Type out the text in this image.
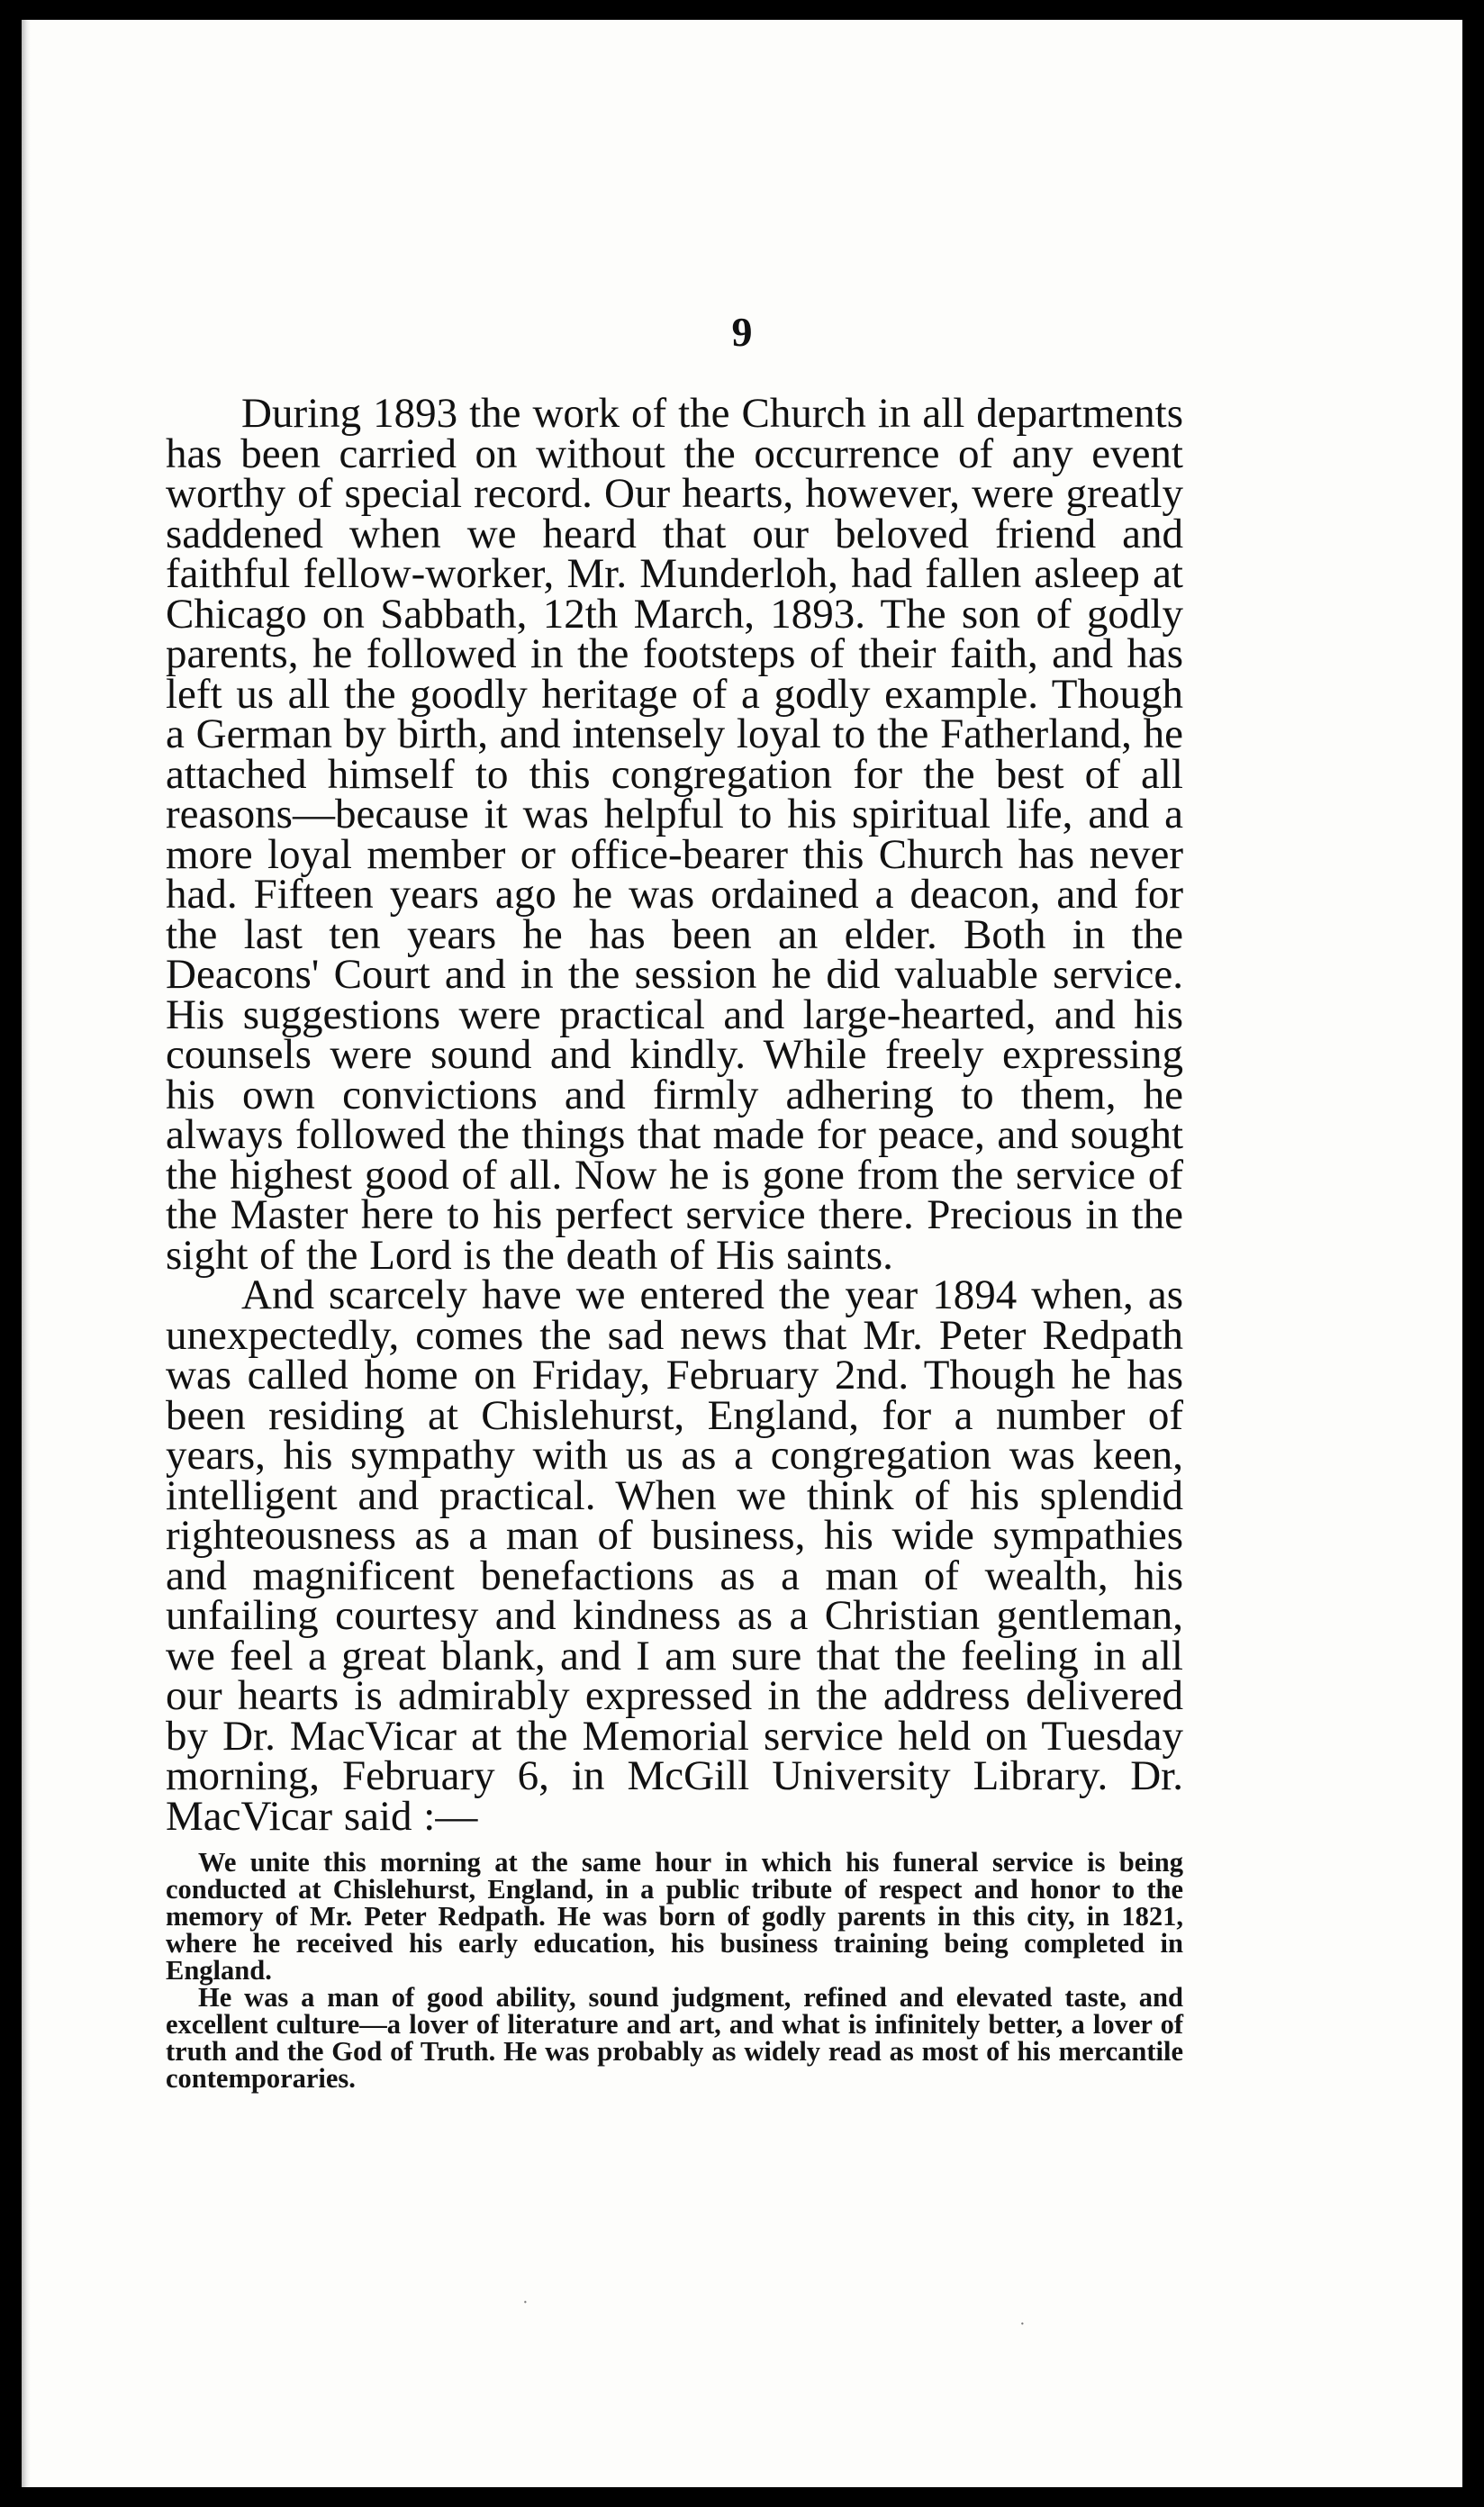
9

During 1893 the work of the Church in all departments has been carried on without the occurrence of any event worthy of special record. Our hearts, however, were greatly saddened when we heard that our beloved friend and faithful fellow-worker, Mr. Munderloh, had fallen asleep at Chicago on Sabbath, 12th March, 1893. The son of godly parents, he followed in the footsteps of their faith, and has left us all the goodly heritage of a godly example. Though a German by birth, and intensely loyal to the Fatherland, he attached himself to this congregation for the best of all reasons—because it was helpful to his spiritual life, and a more loyal member or office-bearer this Church has never had. Fifteen years ago he was ordained a deacon, and for the last ten years he has been an elder. Both in the Deacons' Court and in the session he did valuable service. His suggestions were practical and large-hearted, and his counsels were sound and kindly. While freely expressing his own convictions and firmly adhering to them, he always followed the things that made for peace, and sought the highest good of all. Now he is gone from the service of the Master here to his perfect service there. Precious in the sight of the Lord is the death of His saints.

And scarcely have we entered the year 1894 when, as unexpectedly, comes the sad news that Mr. Peter Redpath was called home on Friday, February 2nd. Though he has been residing at Chislehurst, England, for a number of years, his sympathy with us as a congregation was keen, intelligent and practical. When we think of his splendid righteousness as a man of business, his wide sympathies and magnificent benefactions as a man of wealth, his unfailing courtesy and kindness as a Christian gentleman, we feel a great blank, and I am sure that the feeling in all our hearts is admirably expressed in the address delivered by Dr. MacVicar at the Memorial service held on Tuesday morning, February 6, in McGill University Library. Dr. MacVicar said :—

We unite this morning at the same hour in which his funeral service is being conducted at Chislehurst, England, in a public tribute of respect and honor to the memory of Mr. Peter Redpath. He was born of godly parents in this city, in 1821, where he received his early education, his business training being completed in England.

He was a man of good ability, sound judgment, refined and elevated taste, and excellent culture—a lover of literature and art, and what is infinitely better, a lover of truth and the God of Truth. He was probably as widely read as most of his mercantile contemporaries.

·
·
